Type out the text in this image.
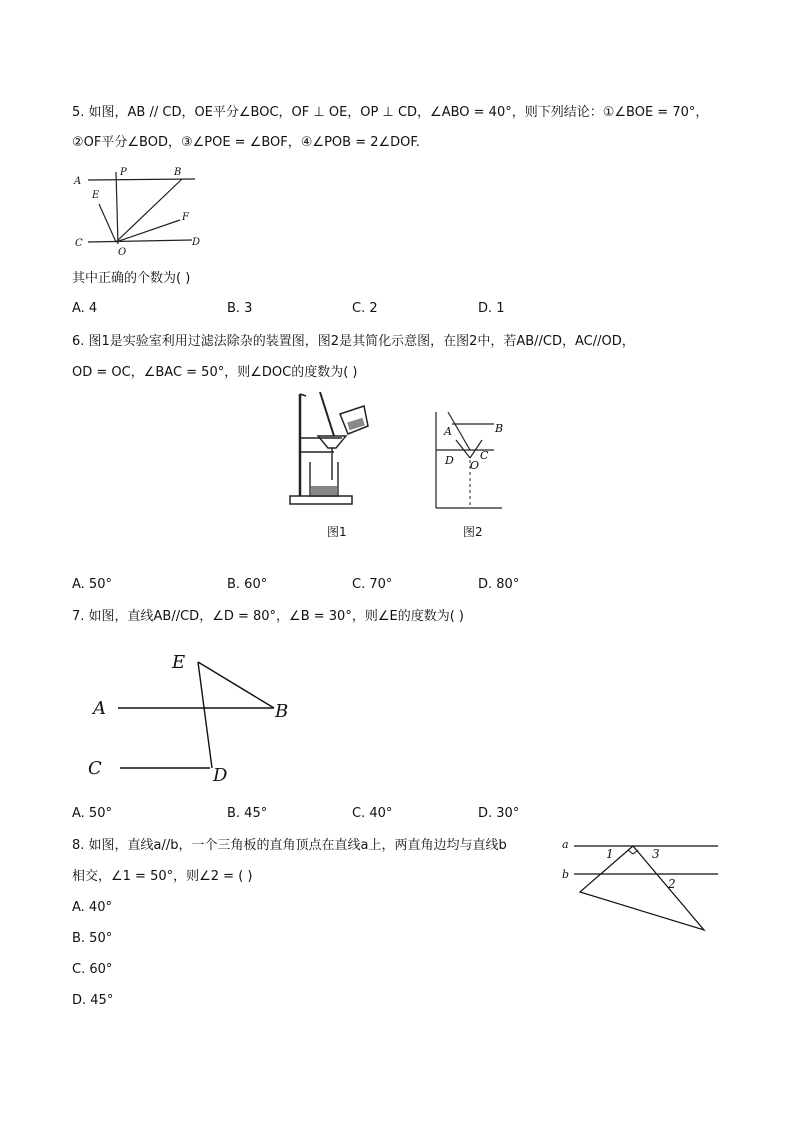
5. 如图，AB // CD，OE平分∠BOC，OF ⊥ OE，OP ⊥ CD，∠ABO = 40°，则下列结论：①∠BOE = 70°，
②OF平分∠BOD，③∠POE = ∠BOF，④∠POB = 2∠DOF.
A
P	B
E
F
C
O
D
其中正确的个数为( )
A. 4	B. 3	C. 2	D. 1
6. 图1是实验室利用过滤法除杂的装置图，图2是其简化示意图，在图2中，若AB//CD，AC//OD，
OD = OC，∠BAC = 50°，则∠DOC的度数为( )
图1
A	B
D C
O
图2
A. 50°	B. 60°	C. 70°	D. 80°
7. 如图，直线AB//CD，∠D = 80°，∠B = 30°，则∠E的度数为( )
E
A	B
C	D
A. 50°	B. 45°	C. 40°	D. 30°
8. 如图，直线a//b，一个三角板的直角顶点在直线a上，两直角边均与直线b
相交，∠1 = 50°，则∠2 = ( )
a
b
1	3
2
A. 40°
B. 50°
C. 60°
D. 45°
